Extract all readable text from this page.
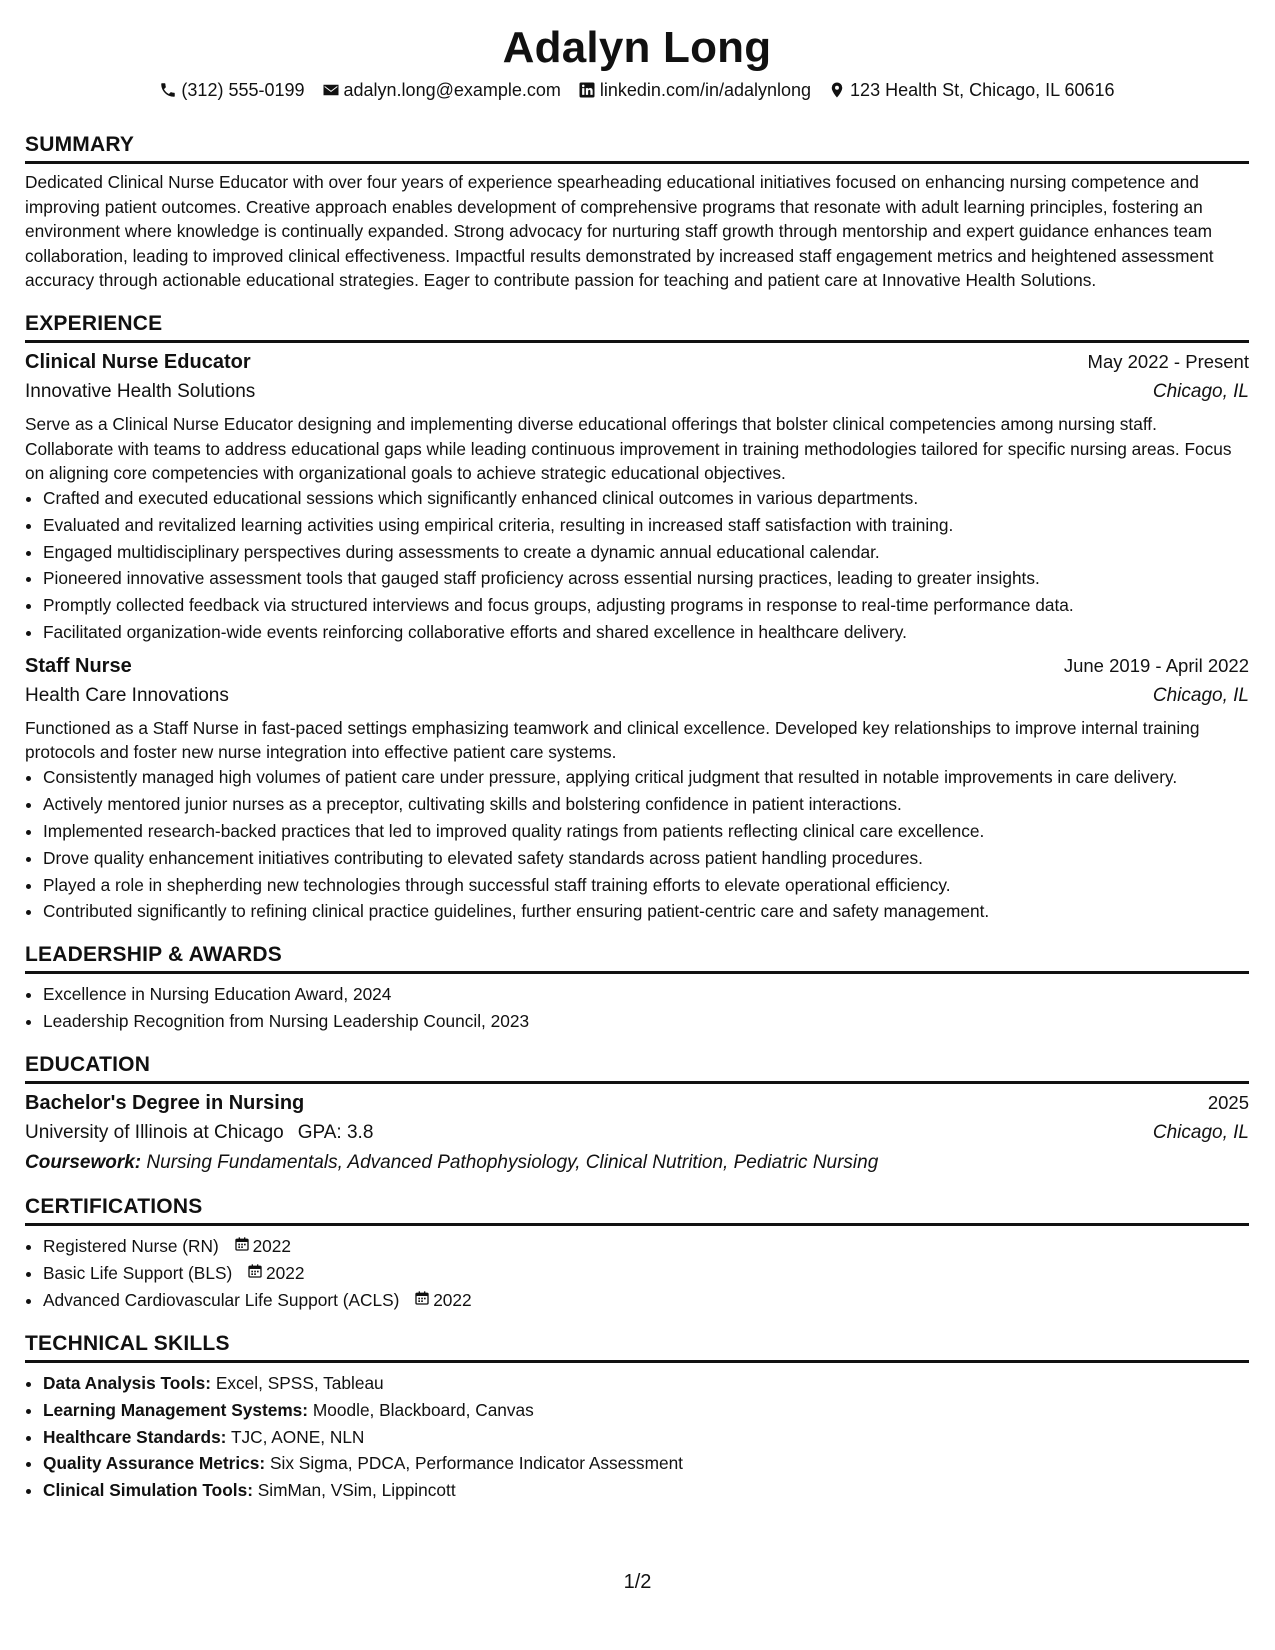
Adalyn Long
(312) 555-0199 adalyn.long@example.com linkedin.com/in/adalynlong 123 Health St, Chicago, IL 60616
SUMMARY
Dedicated Clinical Nurse Educator with over four years of experience spearheading educational initiatives focused on enhancing nursing competence and improving patient outcomes. Creative approach enables development of comprehensive programs that resonate with adult learning principles, fostering an environment where knowledge is continually expanded. Strong advocacy for nurturing staff growth through mentorship and expert guidance enhances team collaboration, leading to improved clinical effectiveness. Impactful results demonstrated by increased staff engagement metrics and heightened assessment accuracy through actionable educational strategies. Eager to contribute passion for teaching and patient care at Innovative Health Solutions.
EXPERIENCE
Clinical Nurse Educator	May 2022 - Present
Innovative Health Solutions	Chicago, IL
Serve as a Clinical Nurse Educator designing and implementing diverse educational offerings that bolster clinical competencies among nursing staff. Collaborate with teams to address educational gaps while leading continuous improvement in training methodologies tailored for specific nursing areas. Focus on aligning core competencies with organizational goals to achieve strategic educational objectives.
• Crafted and executed educational sessions which significantly enhanced clinical outcomes in various departments.
• Evaluated and revitalized learning activities using empirical criteria, resulting in increased staff satisfaction with training.
• Engaged multidisciplinary perspectives during assessments to create a dynamic annual educational calendar.
• Pioneered innovative assessment tools that gauged staff proficiency across essential nursing practices, leading to greater insights.
• Promptly collected feedback via structured interviews and focus groups, adjusting programs in response to real-time performance data.
• Facilitated organization-wide events reinforcing collaborative efforts and shared excellence in healthcare delivery.
Staff Nurse	June 2019 - April 2022
Health Care Innovations	Chicago, IL
Functioned as a Staff Nurse in fast-paced settings emphasizing teamwork and clinical excellence. Developed key relationships to improve internal training protocols and foster new nurse integration into effective patient care systems.
• Consistently managed high volumes of patient care under pressure, applying critical judgment that resulted in notable improvements in care delivery.
• Actively mentored junior nurses as a preceptor, cultivating skills and bolstering confidence in patient interactions.
• Implemented research-backed practices that led to improved quality ratings from patients reflecting clinical care excellence.
• Drove quality enhancement initiatives contributing to elevated safety standards across patient handling procedures.
• Played a role in shepherding new technologies through successful staff training efforts to elevate operational efficiency.
• Contributed significantly to refining clinical practice guidelines, further ensuring patient-centric care and safety management.
LEADERSHIP & AWARDS
• Excellence in Nursing Education Award, 2024
• Leadership Recognition from Nursing Leadership Council, 2023
EDUCATION
Bachelor's Degree in Nursing	2025
University of Illinois at Chicago GPA: 3.8	Chicago, IL
Coursework: Nursing Fundamentals, Advanced Pathophysiology, Clinical Nutrition, Pediatric Nursing
CERTIFICATIONS
• Registered Nurse (RN) 2022
• Basic Life Support (BLS) 2022
• Advanced Cardiovascular Life Support (ACLS) 2022
TECHNICAL SKILLS
• Data Analysis Tools: Excel, SPSS, Tableau
• Learning Management Systems: Moodle, Blackboard, Canvas
• Healthcare Standards: TJC, AONE, NLN
• Quality Assurance Metrics: Six Sigma, PDCA, Performance Indicator Assessment
• Clinical Simulation Tools: SimMan, VSim, Lippincott
1/2
